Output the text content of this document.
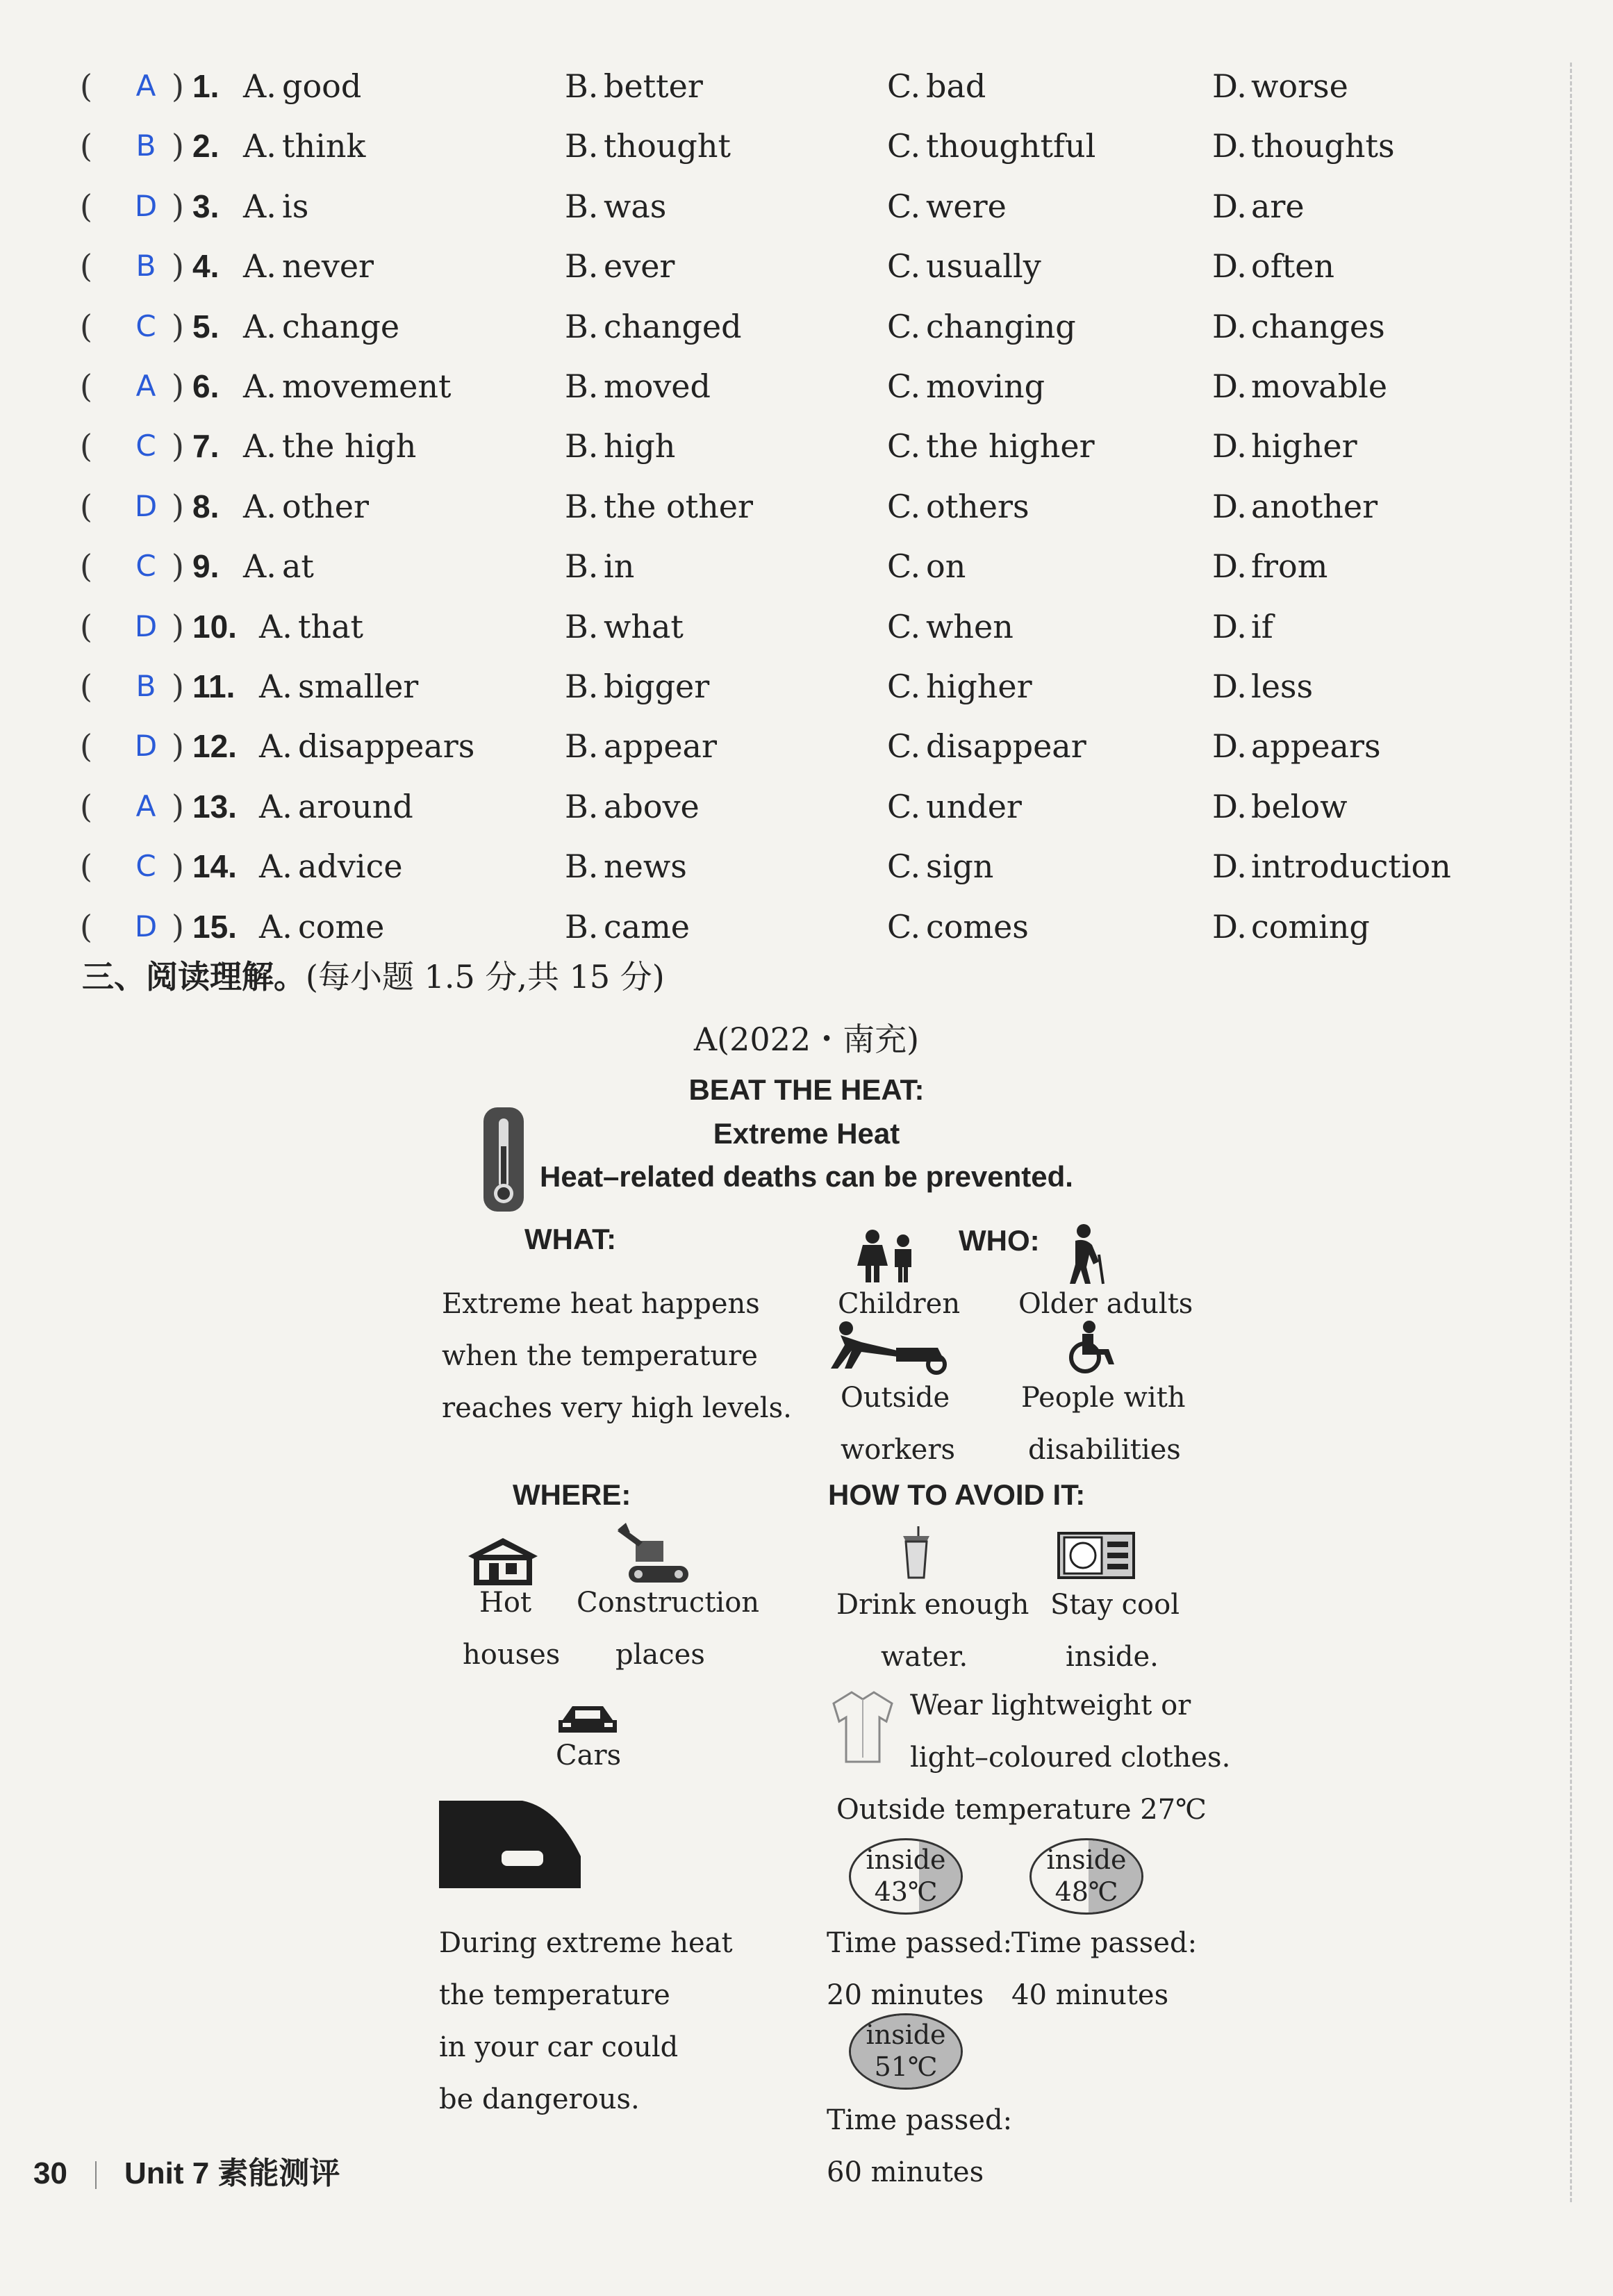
(	A ) 1. A. good	B. better	C. bad	D. worse
(	B ) 2. A. think	B. thought	C. thoughtful	D. thoughts
(	D ) 3. A. is	B. was	C. were	D. are
(	B ) 4. A. never	B. ever	C. usually	D. often
(	C ) 5. A. change	B. changed	C. changing	D. changes
(	A ) 6. A. movement	B. moved	C. moving	D. movable
(	C ) 7. A. the high	B. high	C. the higher	D. higher
(	D ) 8. A. other	B. the other	C. others	D. another
(	C ) 9. A. at	B. in	C. on	D. from
(	D ) 10. A. that	B. what	C. when	D. if
(	B ) 11. A. smaller	B. bigger	C. higher	D. less
(	D ) 12. A. disappears	B. appear	C. disappear	D. appears
(	A ) 13. A. around	B. above	C. under	D. below
(	C ) 14. A. advice	B. news	C. sign	D. introduction
(	D ) 15. A. come	B. came	C. comes	D. coming
三、阅读理解。(每小题 1.5 分,共 15 分)
A(2022・南充)
BEAT THE HEAT:
Extreme Heat
Heat–related deaths can be prevented.
WHAT:
Extreme heat happens
when the temperature
reaches very high levels.
WHO:
Children Older adults
Outside
workers
People with
disabilities
WHERE:
Hot
houses
Construction
places
Cars
During extreme heat
the temperature
in your car could
be dangerous.
HOW TO AVOID IT:
Drink enough
water.
Stay cool
inside.
Wear lightweight or
light–coloured clothes.
Outside temperature 27℃
inside
43℃
inside
48℃
Time passed:
Time passed:
20 minutes 40 minutes
inside
51℃
Time passed:
60 minutes
30 Unit 7 素能测评
